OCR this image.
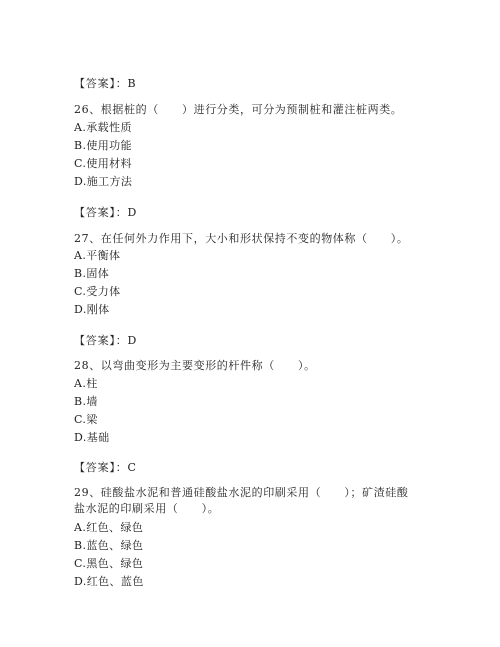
【答案】：B
26、根据桩的（　　）进行分类，可分为预制桩和灌注桩两类。
A.承载性质
B.使用功能
C.使用材料
D.施工方法
【答案】：D
27、在任何外力作用下，大小和形状保持不变的物体称（　　）。
A.平衡体
B.固体
C.受力体
D.刚体
【答案】：D
28、以弯曲变形为主要变形的杆件称（　　）。
A.柱
B.墙
C.梁
D.基础
【答案】：C
29、硅酸盐水泥和普通硅酸盐水泥的印刷采用（　　）；矿渣硅酸
盐水泥的印刷采用（　　）。
A.红色、绿色
B.蓝色、绿色
C.黑色、绿色
D.红色、蓝色
